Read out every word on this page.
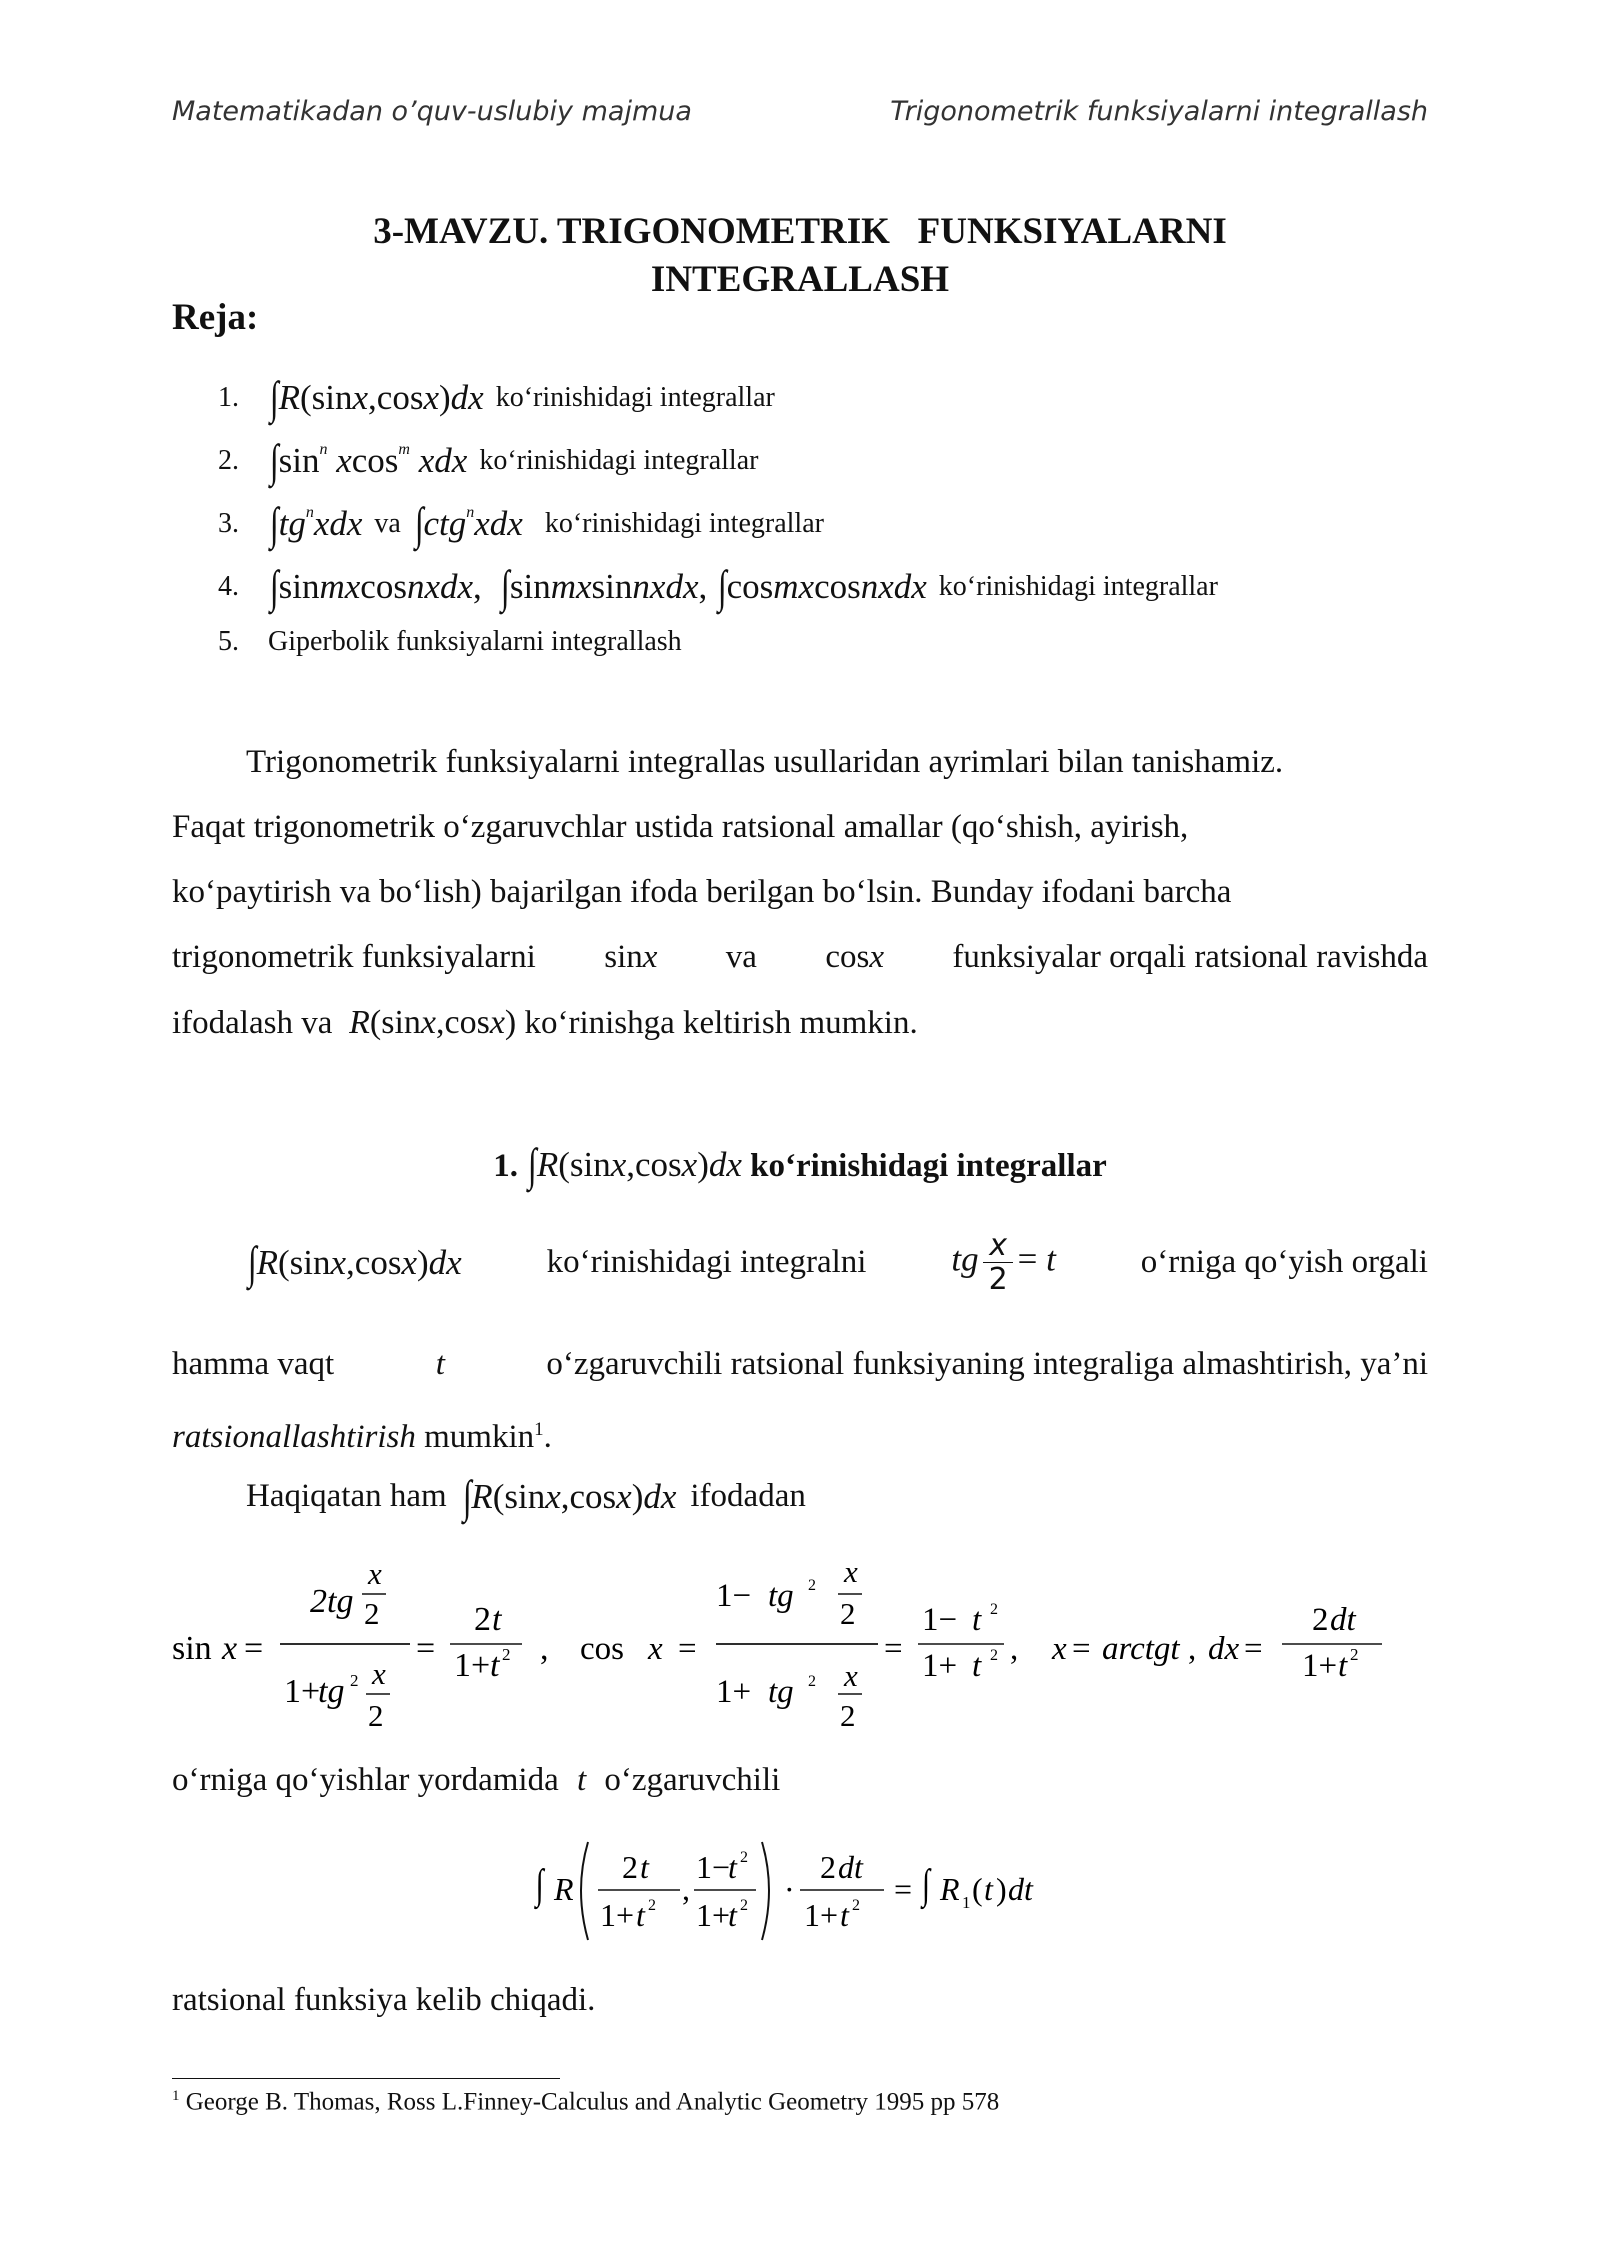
Matematikadan o’quv-uslubiy majmua	Trigonometrik funksiyalarni integrallash
3-MAVZU. TRIGONOMETRIK   FUNKSIYALARNI
INTEGRALLASH
Reja:
1. ∫R(sinx,cosx)dx ko‘rinishidagi integrallar
2. $\int\sin^n$ xcos$^m$ xdx ko‘rinishidagi integrallar
3. $\int tg^nxdx$ va ∫ctg$^n$xdx ko‘rinishidagi integrallar
4. ∫sinmxcosnxdx,  ∫sinmxsinnxdx, ∫cosmxcosnxdx ko‘rinishidagi integrallar
5.	Giperbolik funksiyalarni integrallash
Trigonometrik funksiyalarni integrallas usullaridan ayrimlari bilan tanishamiz.
Faqat trigonometrik o‘zgaruvchlar ustida ratsional amallar (qo‘shish, ayirish,
ko‘paytirish va bo‘lish) bajarilgan ifoda berilgan bo‘lsin. Bunday ifodani barcha
trigonometrik funksiyalarni sinx va cosx funksiyalar orqali ratsional ravishda
ifodalash va R(sinx,cosx) ko‘rinishga keltirish mumkin.
1. ∫R(sinx,cosx)dx ko‘rinishidagi integrallar
∫R(sinx,cosx)dx	ko‘rinishidagi integralni tg $\frac{x}{2} = t$	o‘rniga qo‘yish orgali
hamma vaqt	t	o‘zgaruvchili ratsional funksiyaning integraliga almashtirish, ya’ni
ratsionallashtirish mumkin$^1$.
Haqiqatan ham ∫R(sinx,cosx)dx ifodadan
sin x =
2tg
x
2
1+
tg 2 x
2
=
2 t
1+ t 2 , cos x =
1− tg 2 x
2
1+ tg 2 x
2
=
1− t 2
1+ t 2 , x = arctgt , dx =
2 dt
1+ t 2
o‘rniga qo‘yishlar yordamida t o‘zgaruvchili
∫ R
2 t
1+ t 2 ,
1−
t 2
1+
t 2 ·
2 dt
1+ t 2 = ∫ R 1 ( t ) dt
ratsional funksiya kelib chiqadi.
$^1$ George B. Thomas, Ross L.Finney-Calculus and Analytic Geometry 1995 pp 578
